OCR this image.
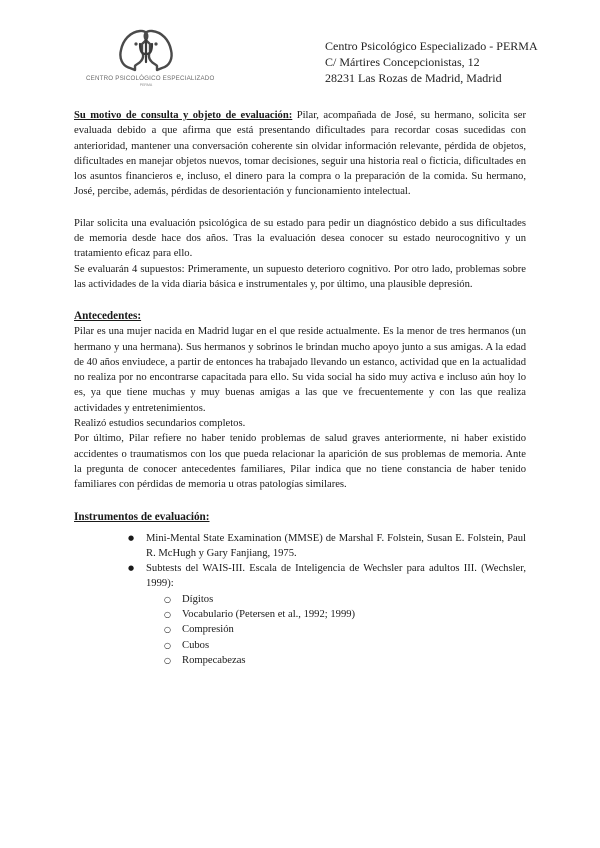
CENTRO PSICOLÓGICO ESPECIALIZADO
PERMA
Centro Psicológico Especializado - PERMA
C/ Mártires Concepcionistas, 12
28231 Las Rozas de Madrid, Madrid

Su motivo de consulta y objeto de evaluación: Pilar, acompañada de José, su hermano, solicita ser evaluada debido a que afirma que está presentando dificultades para recordar cosas sucedidas con anterioridad, mantener una conversación coherente sin olvidar información relevante, pérdida de objetos, dificultades en manejar objetos nuevos, tomar decisiones, seguir una historia real o ficticia, dificultades en los asuntos financieros e, incluso, el dinero para la compra o la preparación de la comida. Su hermano, José, percibe, además, pérdidas de desorientación y funcionamiento intelectual.

Pilar solicita una evaluación psicológica de su estado para pedir un diagnóstico debido a sus dificultades de memoria desde hace dos años. Tras la evaluación desea conocer su estado neurocognitivo y un tratamiento eficaz para ello.

Se evaluarán 4 supuestos: Primeramente, un supuesto deterioro cognitivo. Por otro lado, problemas sobre las actividades de la vida diaria básica e instrumentales y, por último, una plausible depresión.

Antecedentes:

Pilar es una mujer nacida en Madrid lugar en el que reside actualmente. Es la menor de tres hermanos (un hermano y una hermana). Sus hermanos y sobrinos le brindan mucho apoyo junto a sus amigas. A la edad de 40 años enviudece, a partir de entonces ha trabajado llevando un estanco, actividad que en la actualidad no realiza por no encontrarse capacitada para ello. Su vida social ha sido muy activa e incluso aún hoy lo es, ya que tiene muchas y muy buenas amigas a las que ve frecuentemente y con las que realiza actividades y entretenimientos.

Realizó estudios secundarios completos.

Por último, Pilar refiere no haber tenido problemas de salud graves anteriormente, ni haber existido accidentes o traumatismos con los que pueda relacionar la aparición de sus problemas de memoria. Ante la pregunta de conocer antecedentes familiares, Pilar indica que no tiene constancia de haber tenido familiares con pérdidas de memoria u otras patologías similares.

Instrumentos de evaluación:

● Mini-Mental State Examination (MMSE) de Marshal F. Folstein, Susan E. Folstein, Paul R. McHugh y Gary Fanjiang, 1975.
● Subtests del WAIS-III. Escala de Inteligencia de Wechsler para adultos III. (Wechsler, 1999):
○ Dígitos
○ Vocabulario (Petersen et al., 1992; 1999)
○ Compresión
○ Cubos
○ Rompecabezas
